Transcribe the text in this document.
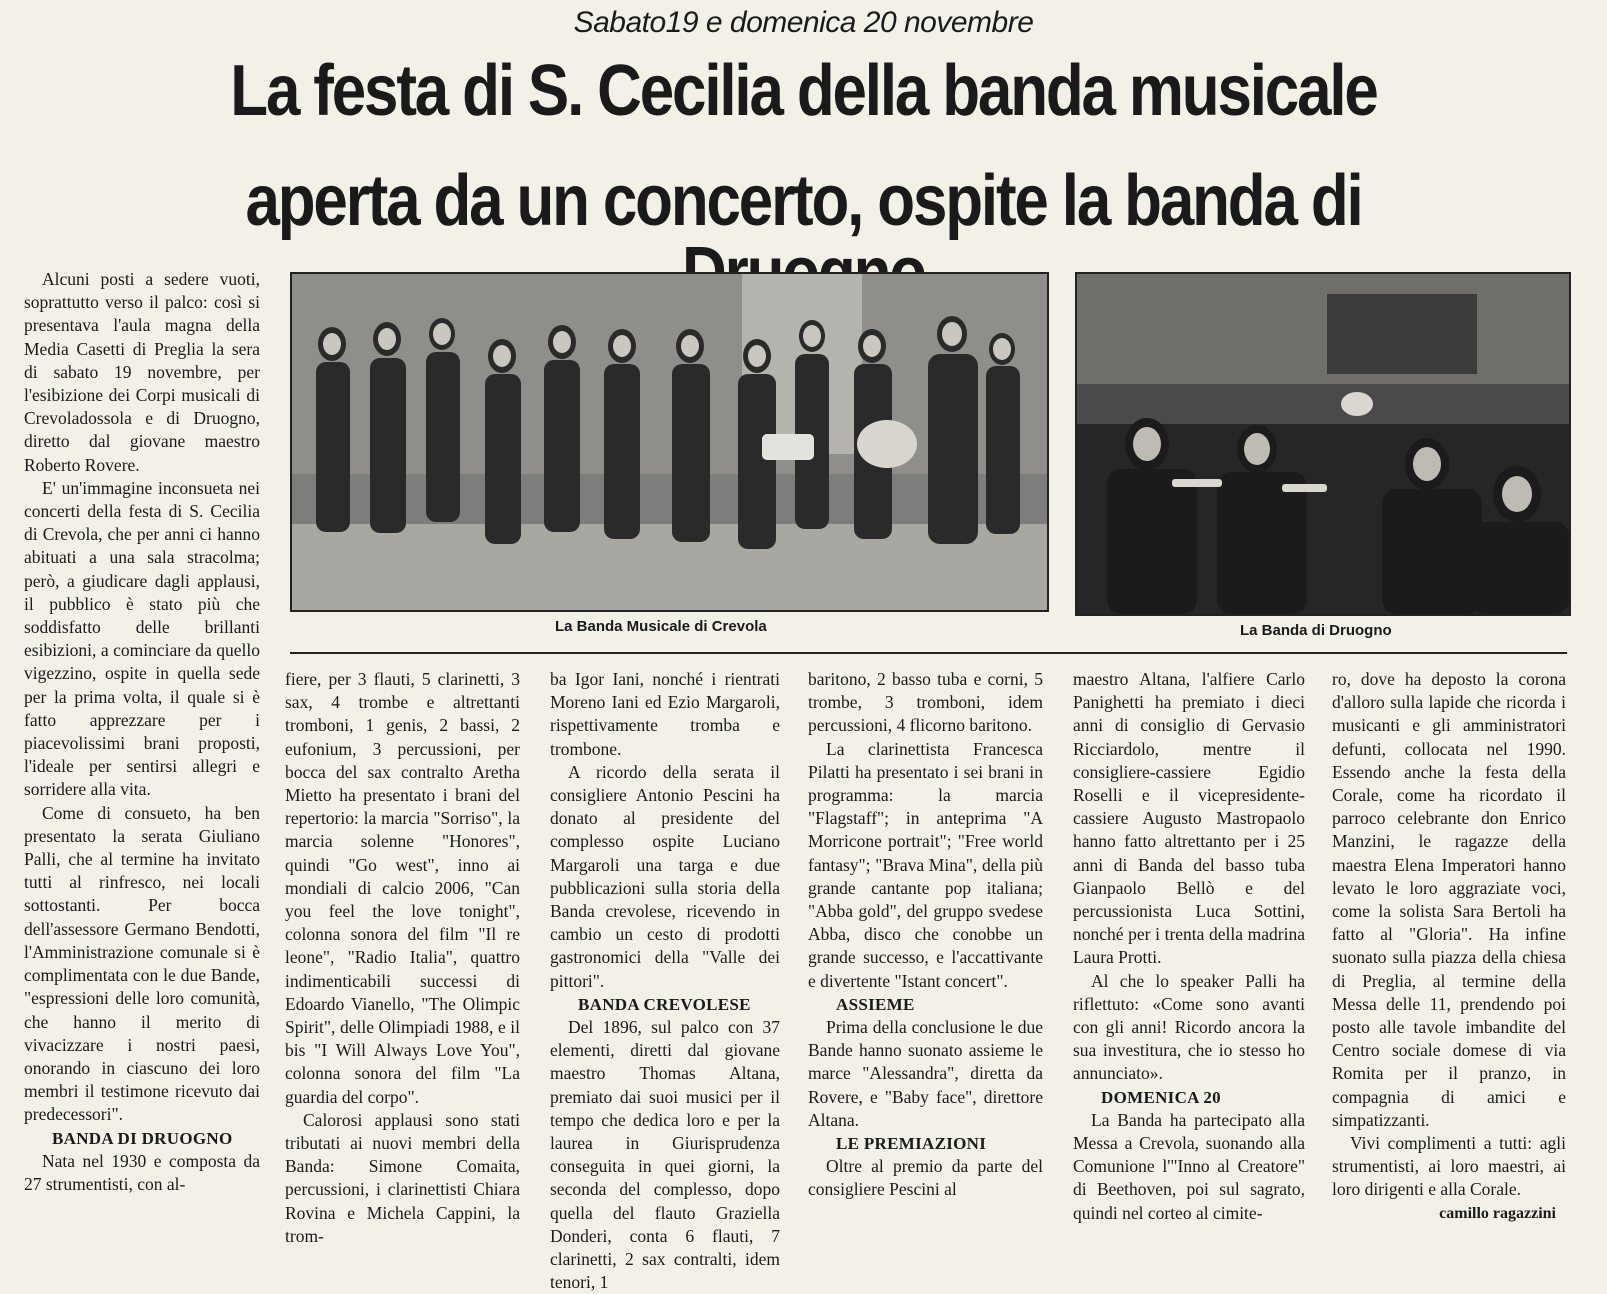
Sabato19 e domenica 20 novembre
La festa di S. Cecilia della banda musicale
aperta da un concerto, ospite la banda di
La Banda Musicale di Crevola	La Banda di Druogno

Alcuni posti a sedere vuoti, soprattutto verso il palco: così si presentava l'aula magna della Media Casetti di Preglia la sera di sabato 19 novembre, per l'esibizione dei Corpi musicali di Crevoladossola e di Druogno, diretto dal giovane maestro Roberto Rovere.

E' un'immagine inconsueta nei concerti della festa di S. Cecilia di Crevola, che per anni ci hanno abituati a una sala stracolma; però, a giudicare dagli applausi, il pubblico è stato più che soddisfatto delle brillanti esibizioni, a cominciare da quello vigezzino, ospite in quella sede per la prima volta, il quale si è fatto apprezzare per i piacevolissimi brani proposti, l'ideale per sentirsi allegri e sorridere alla vita.

Come di consueto, ha ben presentato la serata Giuliano Palli, che al termine ha invitato tutti al rinfresco, nei locali sottostanti. Per bocca dell'assessore Germano Bendotti, l'Amministrazione comunale si è complimentata con le due Bande, "espressioni delle loro comunità, che hanno il merito di vivacizzare i nostri paesi, onorando in ciascuno dei loro membri il testimone ricevuto dai predecessori".

BANDA DI DRUOGNO

Nata nel 1930 e composta da 27 strumentisti, con al-

fiere, per 3 flauti, 5 clarinetti, 3 sax, 4 trombe e altrettanti tromboni, 1 genis, 2 bassi, 2 eufonium, 3 percussioni, per bocca del sax contralto Aretha Mietto ha presentato i brani del repertorio: la marcia "Sorriso", la marcia solenne "Honores", quindi "Go west", inno ai mondiali di calcio 2006, "Can you feel the love tonight", colonna sonora del film "Il re leone", "Radio Italia", quattro indimenticabili successi di Edoardo Vianello, "The Olimpic Spirit", delle Olimpiadi 1988, e il bis "I Will Always Love You", colonna sonora del film "La guardia del corpo".

Calorosi applausi sono stati tributati ai nuovi membri della Banda: Simone Comaita, percussioni, i clarinettisti Chiara Rovina e Michela Cappini, la trom-

ba Igor Iani, nonché i rientrati Moreno Iani ed Ezio Margaroli, rispettivamente tromba e trombone.

A ricordo della serata il consigliere Antonio Pescini ha donato al presidente del complesso ospite Luciano Margaroli una targa e due pubblicazioni sulla storia della Banda crevolese, ricevendo in cambio un cesto di prodotti gastronomici della "Valle dei pittori".

BANDA CREVOLESE

Del 1896, sul palco con 37 elementi, diretti dal giovane maestro Thomas Altana, premiato dai suoi musici per il tempo che dedica loro e per la laurea in Giurisprudenza conseguita in quei giorni, la seconda del complesso, dopo quella del flauto Graziella Donderi, conta 6 flauti, 7 clarinetti, 2 sax contralti, idem tenori, 1

baritono, 2 basso tuba e corni, 5 trombe, 3 tromboni, idem percussioni, 4 flicorno baritono.

La clarinettista Francesca Pilatti ha presentato i sei brani in programma: la marcia "Flagstaff"; in anteprima "A Morricone portrait"; "Free world fantasy"; "Brava Mina", della più grande cantante pop italiana; "Abba gold", del gruppo svedese Abba, disco che conobbe un grande successo, e l'accattivante e divertente "Istant concert".

ASSIEME

Prima della conclusione le due Bande hanno suonato assieme le marce "Alessandra", diretta da Rovere, e "Baby face", direttore Altana.

LE PREMIAZIONI

Oltre al premio da parte del consigliere Pescini al

maestro Altana, l'alfiere Carlo Panighetti ha premiato i dieci anni di consiglio di Gervasio Ricciardolo, mentre il consigliere-cassiere Egidio Roselli e il vicepresidente-cassiere Augusto Mastropaolo hanno fatto altrettanto per i 25 anni di Banda del basso tuba Gianpaolo Bellò e del percussionista Luca Sottini, nonché per i trenta della madrina Laura Protti.

Al che lo speaker Palli ha riflettuto: «Come sono avanti con gli anni! Ricordo ancora la sua investitura, che io stesso ho annunciato».

DOMENICA 20

La Banda ha partecipato alla Messa a Crevola, suonando alla Comunione l'"Inno al Creatore" di Beethoven, poi sul sagrato, quindi nel corteo al cimite-

ro, dove ha deposto la corona d'alloro sulla lapide che ricorda i musicanti e gli amministratori defunti, collocata nel 1990. Essendo anche la festa della Corale, come ha ricordato il parroco celebrante don Enrico Manzini, le ragazze della maestra Elena Imperatori hanno levato le loro aggraziate voci, come la solista Sara Bertoli ha fatto al "Gloria". Ha infine suonato sulla piazza della chiesa di Preglia, al termine della Messa delle 11, prendendo poi posto alle tavole imbandite del Centro sociale domese di via Romita per il pranzo, in compagnia di amici e simpatizzanti.

Vivi complimenti a tutti: agli strumentisti, ai loro maestri, ai loro dirigenti e alla Corale.

camillo ragazzini
